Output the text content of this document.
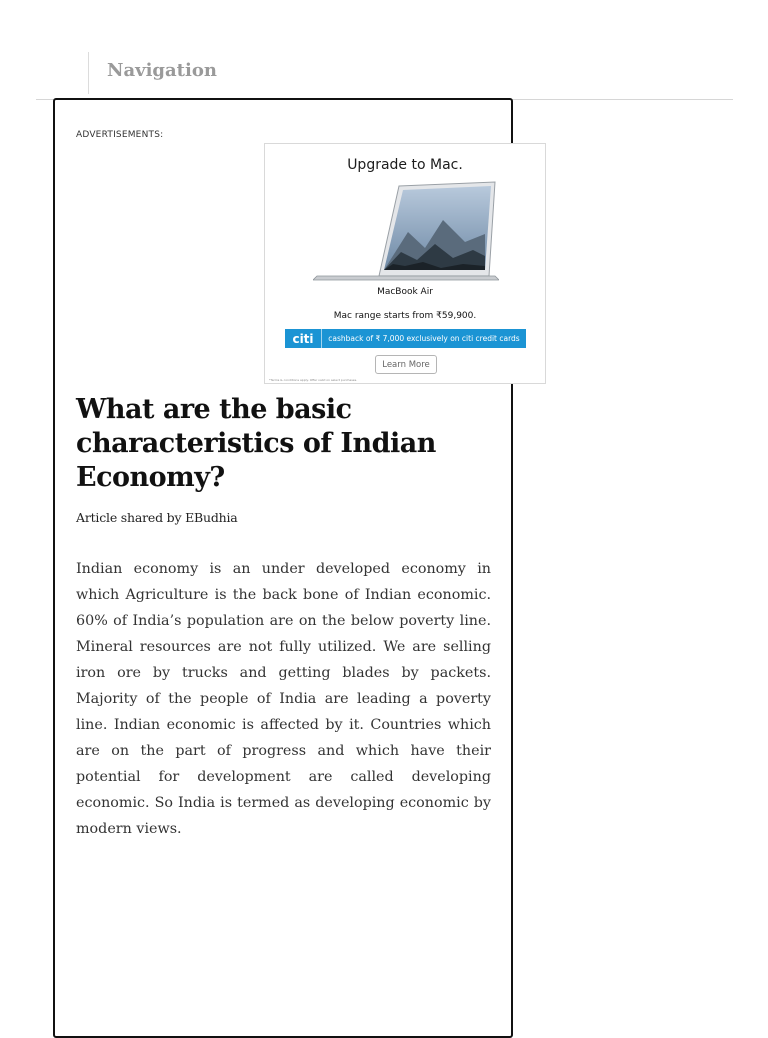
Navigation
ADVERTISEMENTS:
Upgrade to Mac.
MacBook Air
Mac range starts from ₹59,900.
citi	cashback of ₹ 7,000 exclusively on citi credit cards
Learn More
*Terms & conditions apply. Offer valid on select purchases.
What are the basic characteristics of Indian Economy?
Article shared by EBudhia

Indian economy is an under developed economy in which Agriculture is the back bone of Indian economic. 60% of India’s population are on the below poverty line. Mineral resources are not fully utilized. We are selling iron ore by trucks and getting blades by packets. Majority of the people of India are leading a poverty line. Indian economic is affected by it. Countries which are on the part of progress and which have their potential for development are called developing economic. So India is termed as developing economic by modern views.
